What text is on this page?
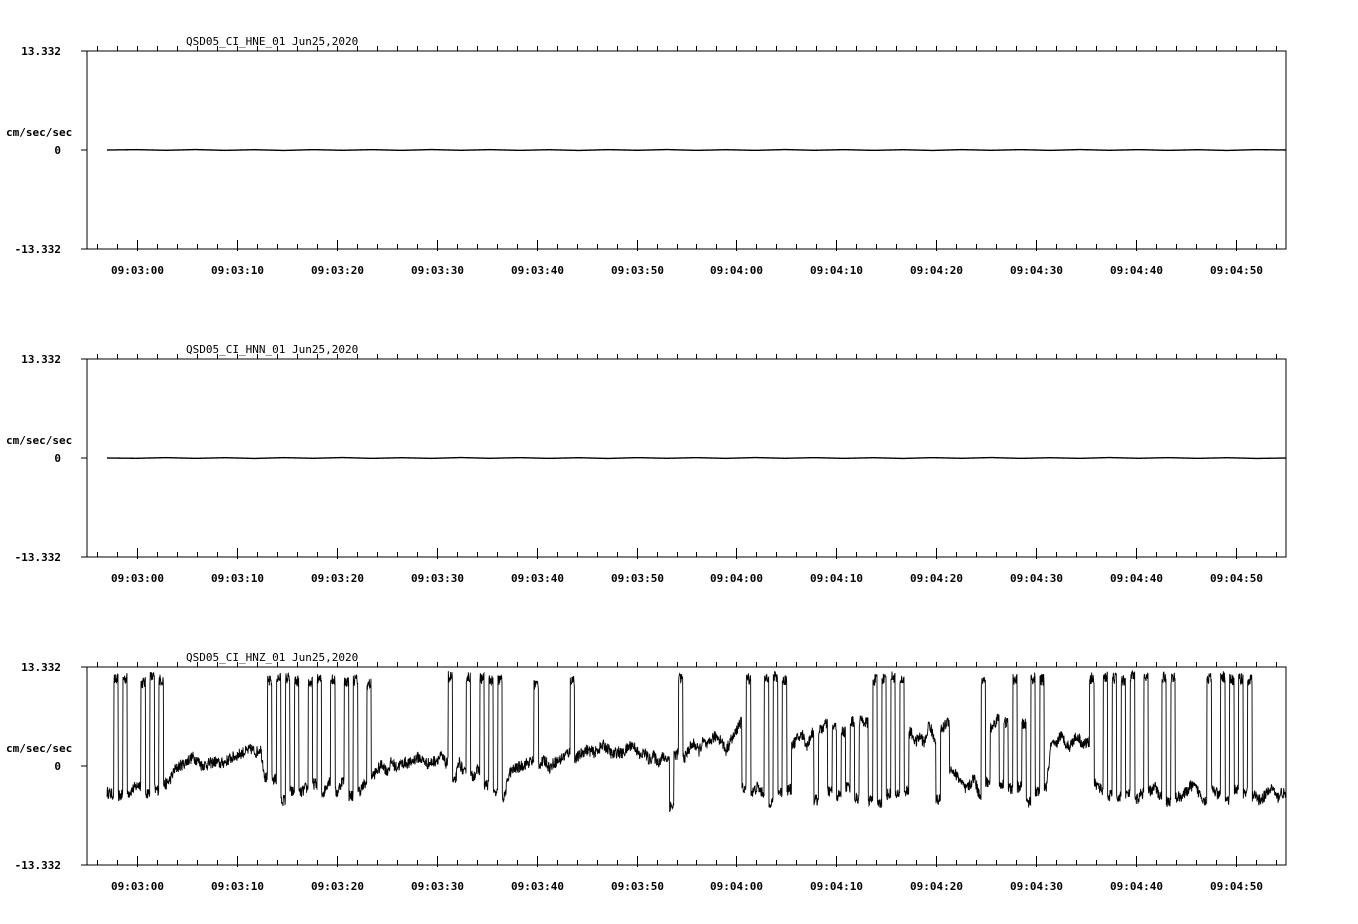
QSD05_CI_HNE_01 Jun25,2020
cm/sec/sec
13.332
0
-13.332
09:03:00	09:03:10	09:03:20	09:03:30	09:03:40	09:03:50	09:04:00	09:04:10	09:04:20	09:04:30	09:04:40	09:04:50
QSD05_CI_HNN_01 Jun25,2020
cm/sec/sec
13.332
0
-13.332
09:03:00	09:03:10	09:03:20	09:03:30	09:03:40	09:03:50	09:04:00	09:04:10	09:04:20	09:04:30	09:04:40	09:04:50
QSD05_CI_HNZ_01 Jun25,2020
cm/sec/sec
13.332
0
-13.332
09:03:00	09:03:10	09:03:20	09:03:30	09:03:40	09:03:50	09:04:00	09:04:10	09:04:20	09:04:30	09:04:40	09:04:50
